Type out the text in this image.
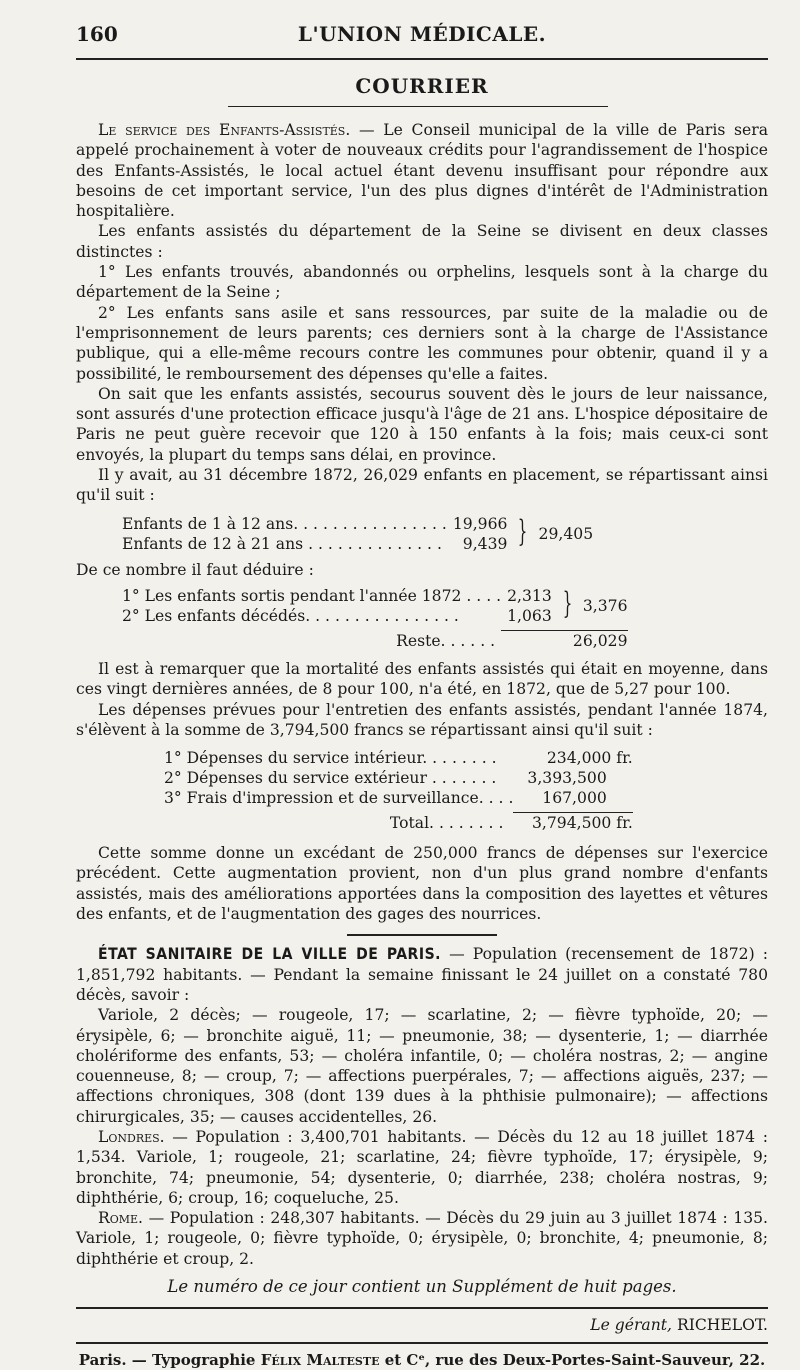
160	L'UNION MÉDICALE.
COURRIER

Le service des Enfants-Assistés. — Le Conseil municipal de la ville de Paris sera appelé prochainement à voter de nouveaux crédits pour l'agrandissement de l'hospice des Enfants-Assistés, le local actuel étant devenu insuffisant pour répondre aux besoins de cet important service, l'un des plus dignes d'intérêt de l'Administration hospitalière.

Les enfants assistés du département de la Seine se divisent en deux classes distinctes :

1° Les enfants trouvés, abandonnés ou orphelins, lesquels sont à la charge du département de la Seine ;

2° Les enfants sans asile et sans ressources, par suite de la maladie ou de l'emprisonnement de leurs parents; ces derniers sont à la charge de l'Assistance publique, qui a elle-même recours contre les communes pour obtenir, quand il y a possibilité, le remboursement des dépenses qu'elle a faites.

On sait que les enfants assistés, secourus souvent dès le jours de leur naissance, sont assurés d'une protection efficace jusqu'à l'âge de 21 ans. L'hospice dépositaire de Paris ne peut guère recevoir que 120 à 150 enfants à la fois; mais ceux-ci sont envoyés, la plupart du temps sans délai, en province.

Il y avait, au 31 décembre 1872, 26,029 enfants en placement, se répartissant ainsi qu'il suit :

Enfants de 1 à 12 ans. . . . . . . . . . . . . . . .	19,966	}	29,405
Enfants de 12 à 21 ans . . . . . . . . . . . . . .	9,439		

De ce nombre il faut déduire :

1° Les enfants sortis pendant l'année 1872 . . . .	2,313	}	3,376
2° Les enfants décédés. . . . . . . . . . . . . . . .	1,063		

Reste. . . . . .	26,029		

Il est à remarquer que la mortalité des enfants assistés qui était en moyenne, dans ces vingt dernières années, de 8 pour 100, n'a été, en 1872, que de 5,27 pour 100.

Les dépenses prévues pour l'entretien des enfants assistés, pendant l'année 1874, s'élèvent à la somme de 3,794,500 francs se répartissant ainsi qu'il suit :

1° Dépenses du service intérieur. . . . . . . .	234,000 fr.
2° Dépenses du service extérieur . . . . . . .	3,393,500
3° Frais d'impression et de surveillance. . . .	167,000

Total. . . . . . . .	3,794,500 fr.

Cette somme donne un excédant de 250,000 francs de dépenses sur l'exercice précédent. Cette augmentation provient, non d'un plus grand nombre d'enfants assistés, mais des améliorations apportées dans la composition des layettes et vêtures des enfants, et de l'augmentation des gages des nourrices.

ÉTAT SANITAIRE DE LA VILLE DE PARIS. — Population (recensement de 1872) : 1,851,792 habitants. — Pendant la semaine finissant le 24 juillet on a constaté 780 décès, savoir :

Variole, 2 décès; — rougeole, 17; — scarlatine, 2; — fièvre typhoïde, 20; — érysipèle, 6; — bronchite aiguë, 11; — pneumonie, 38; — dysenterie, 1; — diarrhée cholériforme des enfants, 53; — choléra infantile, 0; — choléra nostras, 2; — angine couenneuse, 8; — croup, 7; — affections puerpérales, 7; — affections aiguës, 237; — affections chroniques, 308 (dont 139 dues à la phthisie pulmonaire); — affections chirurgicales, 35; — causes accidentelles, 26.

Londres. — Population : 3,400,701 habitants. — Décès du 12 au 18 juillet 1874 : 1,534. Variole, 1; rougeole, 21; scarlatine, 24; fièvre typhoïde, 17; érysipèle, 9; bronchite, 74; pneumonie, 54; dysenterie, 0; diarrhée, 238; choléra nostras, 9; diphthérie, 6; croup, 16; coqueluche, 25.

Rome. — Population : 248,307 habitants. — Décès du 29 juin au 3 juillet 1874 : 135. Variole, 1; rougeole, 0; fièvre typhoïde, 0; érysipèle, 0; bronchite, 4; pneumonie, 8; diphthérie et croup, 2.

Le numéro de ce jour contient un Supplément de huit pages.
Le gérant, RICHELOT.
Paris. — Typographie Félix Malteste et Cᵉ, rue des Deux-Portes-Saint-Sauveur, 22.
